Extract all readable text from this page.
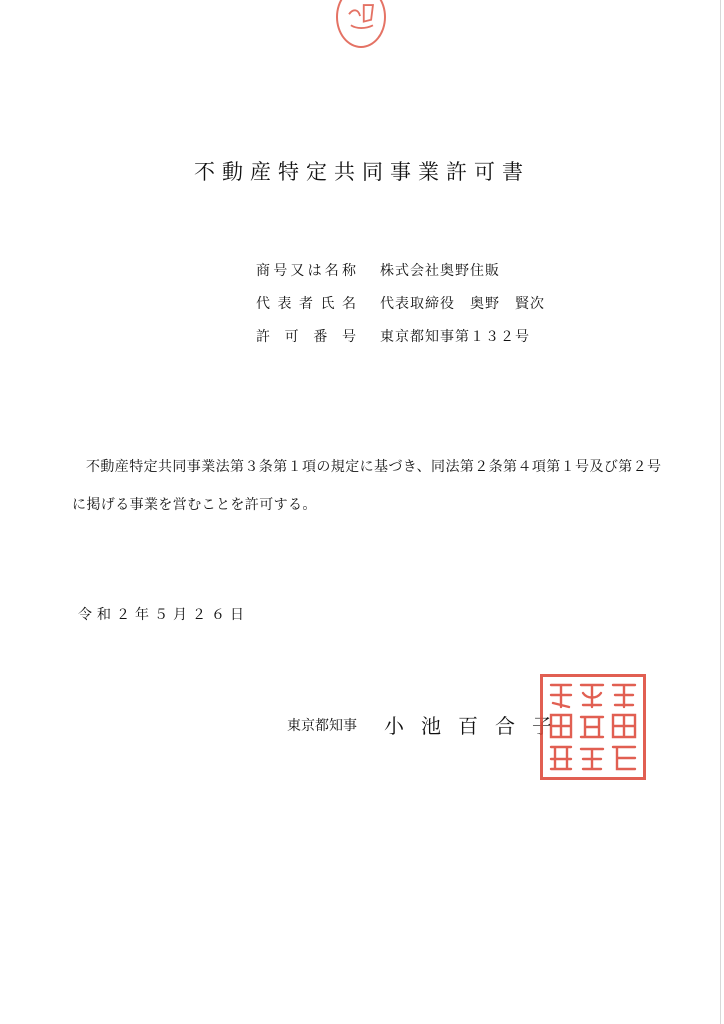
不動産特定共同事業許可書
商 号 又 は 名 称 株式会社奥野住販
代 表 者 氏 名 代表取締役　奥野　賢次
許 可 番 号 東京都知事第１３２号
不動産特定共同事業法第３条第１項の規定に基づき、同法第２条第４項第１号及び第２号に掲げる事業を営むことを許可する。
令和２年５月２６日
東京都知事 小池百合子
